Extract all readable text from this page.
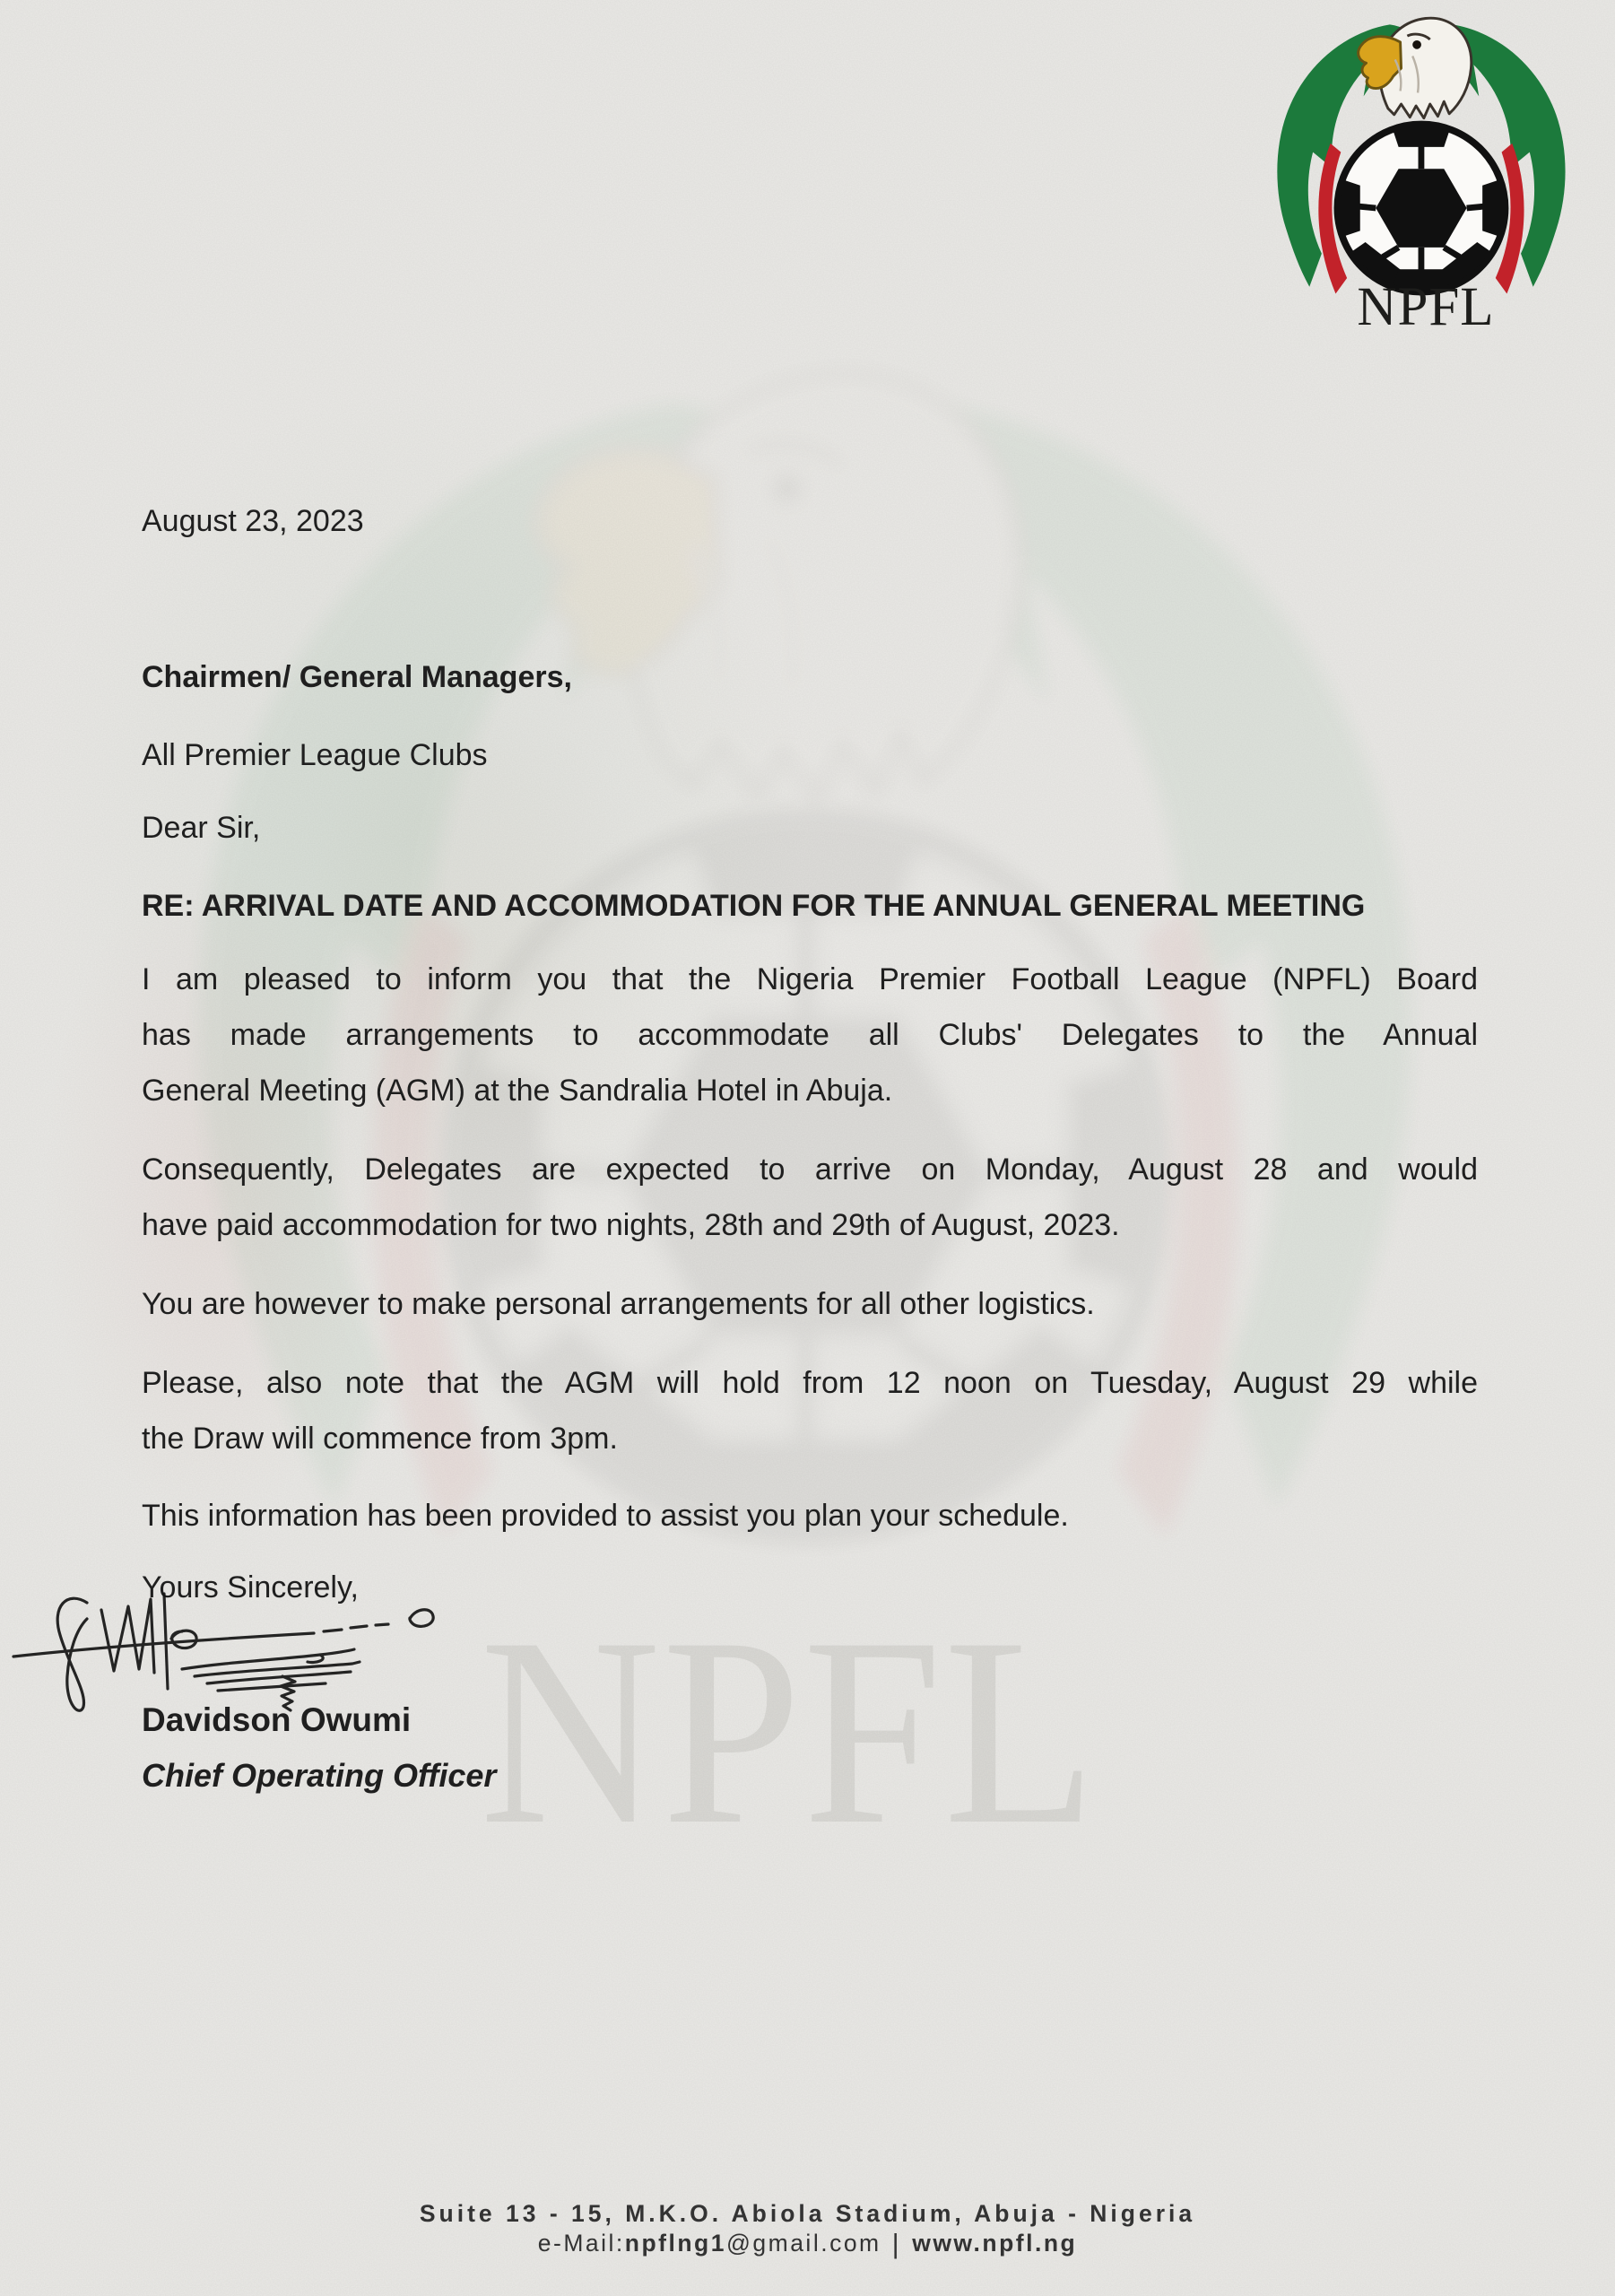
NPFL
NPFL
August 23, 2023
Chairmen/ General Managers,
All Premier League Clubs
Dear Sir,
RE: ARRIVAL DATE AND ACCOMMODATION FOR THE ANNUAL GENERAL MEETING
I am pleased to inform you that the Nigeria Premier Football League (NPFL) Board
has made arrangements to accommodate all Clubs' Delegates to the Annual
General Meeting (AGM) at the Sandralia Hotel in Abuja.
Consequently, Delegates are expected to arrive on Monday, August 28 and would
have paid accommodation for two nights, 28th and 29th of August, 2023.
You are however to make personal arrangements for all other logistics.
Please, also note that the AGM will hold from 12 noon on Tuesday, August 29 while
the Draw will commence from 3pm.
This information has been provided to assist you plan your schedule.
Yours Sincerely,
Davidson Owumi
Chief Operating Officer
Suite 13 - 15, M.K.O. Abiola Stadium, Abuja - Nigeria
e-Mail:npflng1@gmail.com | www.npfl.ng
